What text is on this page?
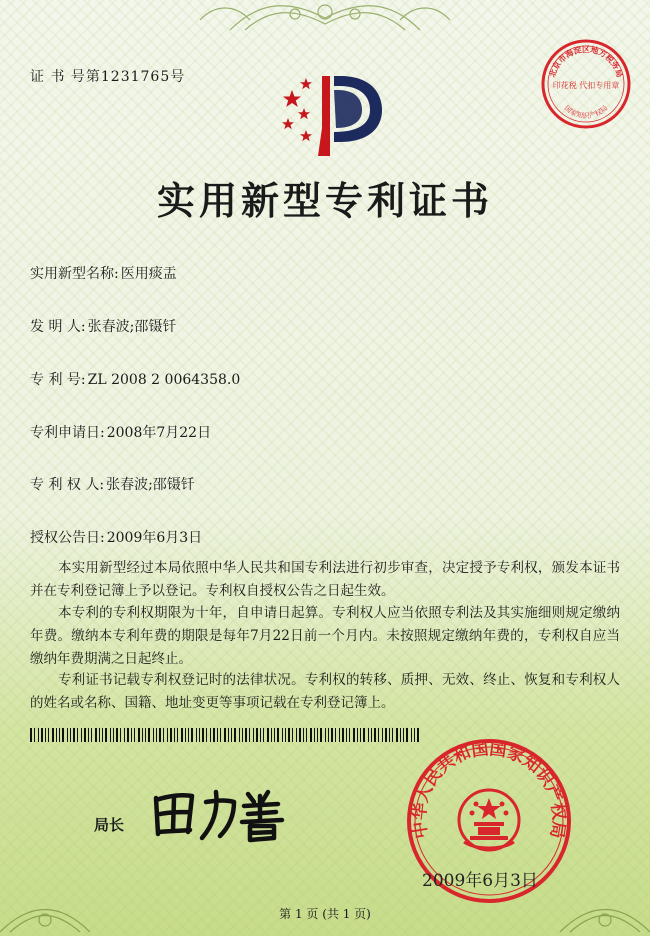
证 书 号第1231765号	北京市海淀区地方税务局
国家知识产权局
印花税 代扣专用章
实用新型专利证书
实用新型名称: 医用痰盂
发 明 人: 张春波;邵镊钎
专 利 号: ZL 2008 2 0064358.0
专利申请日: 2008年7月22日
专 利 权 人: 张春波;邵镊钎
授权公告日: 2009年6月3日
本实用新型经过本局依照中华人民共和国专利法进行初步审查，决定授予专利权，颁发本证书并在专利登记簿上予以登记。专利权自授权公告之日起生效。
本专利的专利权期限为十年，自申请日起算。专利权人应当依照专利法及其实施细则规定缴纳年费。缴纳本专利年费的期限是每年7月22日前一个月内。未按照规定缴纳年费的，专利权自应当缴纳年费期满之日起终止。
专利证书记载专利权登记时的法律状况。专利权的转移、质押、无效、终止、恢复和专利权人的姓名或名称、国籍、地址变更等事项记载在专利登记簿上。
局长	中华人民共和国国家知识产权局
2009年6月3日
第 1 页 (共 1 页)
